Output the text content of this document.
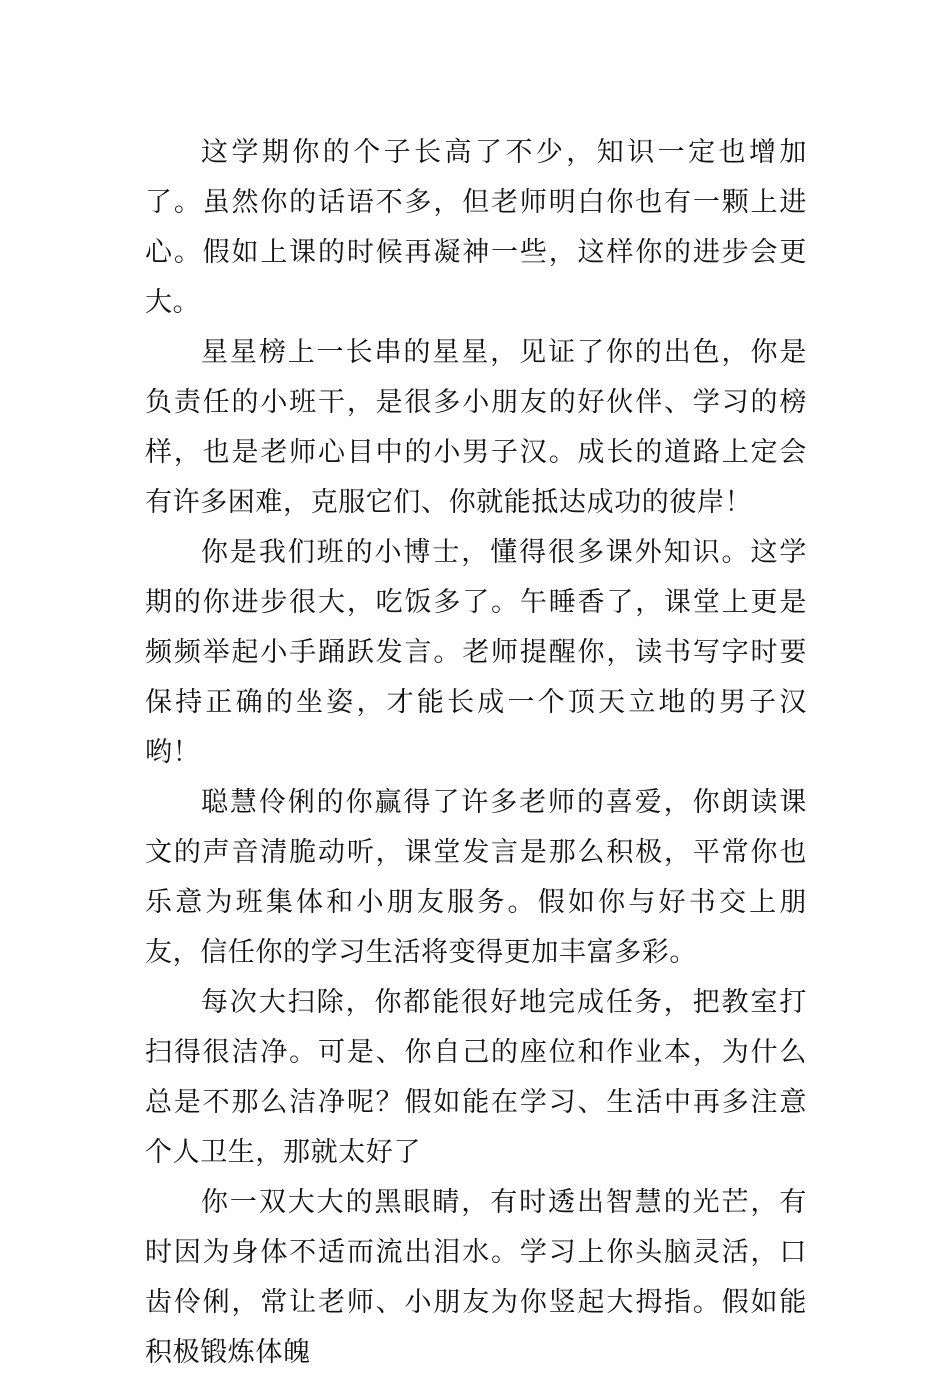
这学期你的个子长高了不少，知识一定也增加了。虽然你的话语不多，但老师明白你也有一颗上进心。假如上课的时候再凝神一些，这样你的进步会更大。

星星榜上一长串的星星，见证了你的出色，你是负责任的小班干，是很多小朋友的好伙伴、学习的榜样，也是老师心目中的小男子汉。成长的道路上定会有许多困难，克服它们、你就能抵达成功的彼岸！

你是我们班的小博士，懂得很多课外知识。这学期的你进步很大，吃饭多了。午睡香了，课堂上更是频频举起小手踊跃发言。老师提醒你，读书写字时要保持正确的坐姿，才能长成一个顶天立地的男子汉哟！

聪慧伶俐的你赢得了许多老师的喜爱，你朗读课文的声音清脆动听，课堂发言是那么积极，平常你也乐意为班集体和小朋友服务。假如你与好书交上朋友，信任你的学习生活将变得更加丰富多彩。

每次大扫除，你都能很好地完成任务，把教室打扫得很洁净。可是、你自己的座位和作业本，为什么总是不那么洁净呢？假如能在学习、生活中再多注意个人卫生，那就太好了

你一双大大的黑眼睛，有时透出智慧的光芒，有时因为身体不适而流出泪水。学习上你头脑灵活，口齿伶俐，常让老师、小朋友为你竖起大拇指。假如能积极锻炼体魄
